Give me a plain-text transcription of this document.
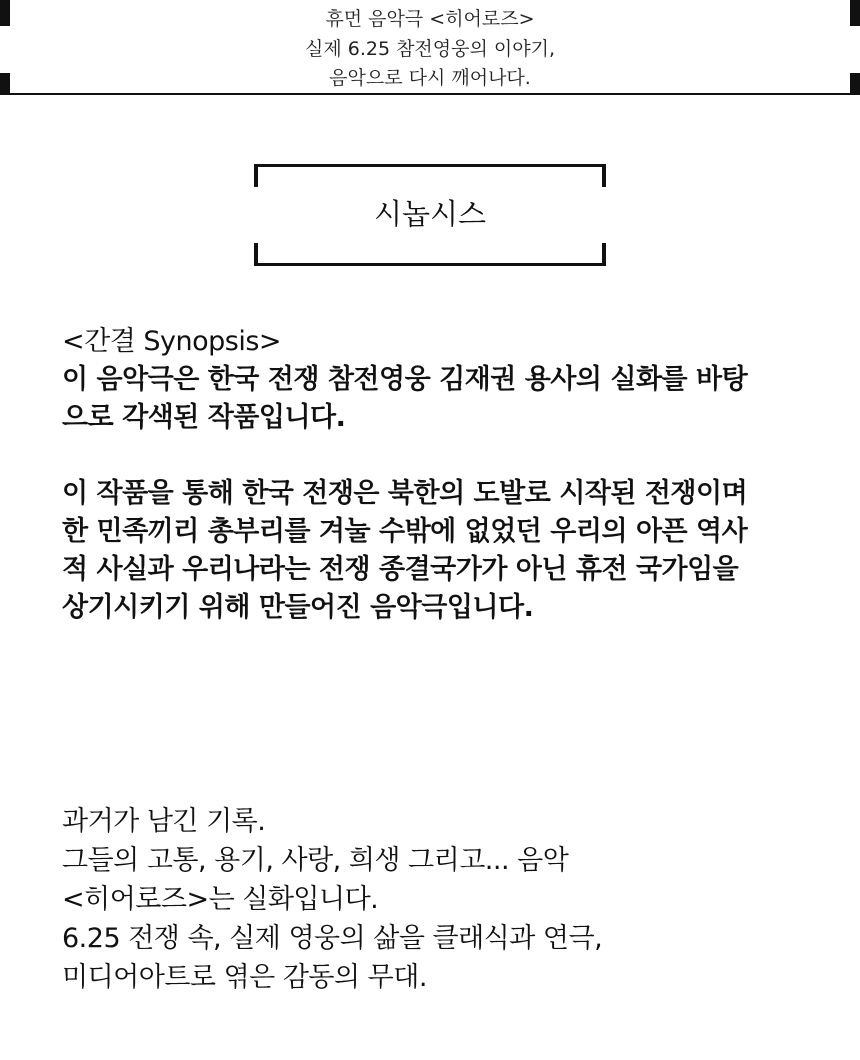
휴먼 음악극 <히어로즈>
실제 6.25 참전영웅의 이야기,
음악으로 다시 깨어나다.
시놉시스
<간결 Synopsis>
이 음악극은 한국 전쟁 참전영웅 김재권 용사의 실화를 바탕
으로 각색된 작품입니다.
이 작품을 통해 한국 전쟁은 북한의 도발로 시작된 전쟁이며
한 민족끼리 총부리를 겨눌 수밖에 없었던 우리의 아픈 역사
적 사실과 우리나라는 전쟁 종결국가가 아닌 휴전 국가임을
상기시키기 위해 만들어진 음악극입니다.
과거가 남긴 기록.
그들의 고통, 용기, 사랑, 희생 그리고... 음악
<히어로즈>는 실화입니다.
6.25 전쟁 속, 실제 영웅의 삶을 클래식과 연극,
미디어아트로 엮은 감동의 무대.
